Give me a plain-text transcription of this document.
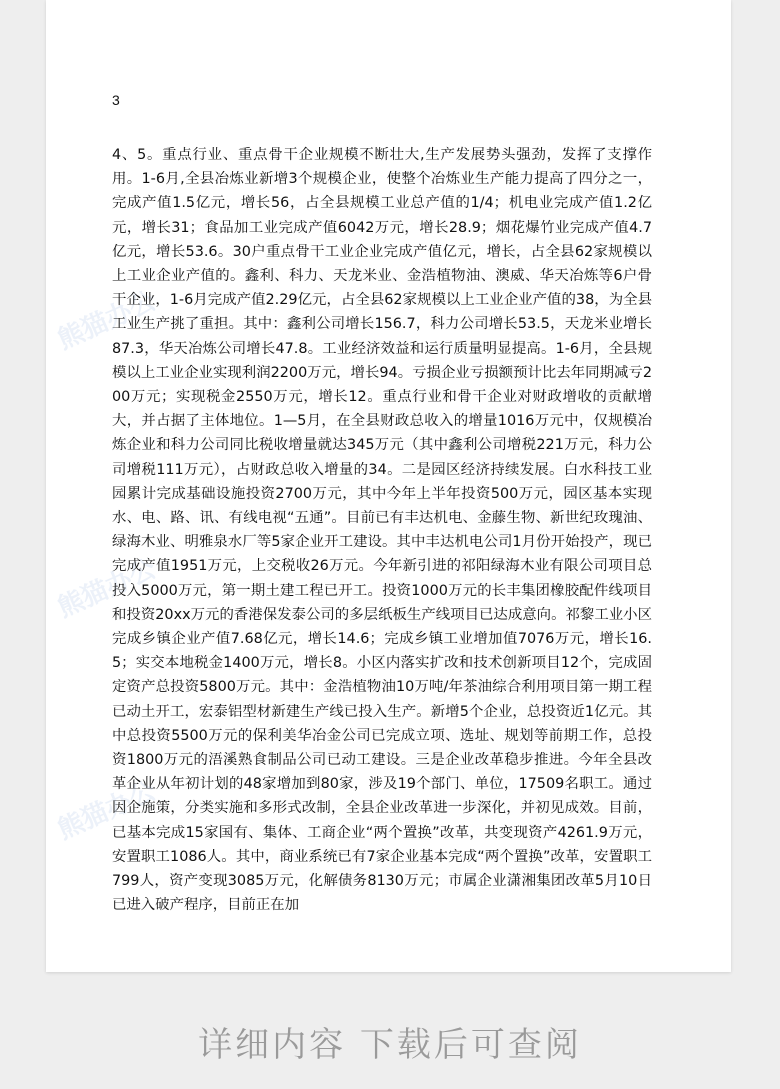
熊猫办公
熊猫办公
熊猫办公
3

4、5。重点行业、重点骨干企业规模不断壮大,生产发展势头强劲，发挥了支撑作用。1-6月,全县冶炼业新增3个规模企业，使整个冶炼业生产能力提高了四分之一，完成产值1.5亿元，增长56，占全县规模工业总产值的1/4；机电业完成产值1.2亿元，增长31；食品加工业完成产值6042万元，增长28.9；烟花爆竹业完成产值4.7亿元，增长53.6。30户重点骨干工业企业完成产值亿元，增长，占全县62家规模以上工业企业产值的。鑫利、科力、天龙米业、金浩植物油、澳威、华天冶炼等6户骨干企业，1-6月完成产值2.29亿元，占全县62家规模以上工业企业产值的38，为全县工业生产挑了重担。其中：鑫利公司增长156.7，科力公司增长53.5，天龙米业增长87.3，华天冶炼公司增长47.8。工业经济效益和运行质量明显提高。1-6月，全县规模以上工业企业实现利润2200万元，增长94。亏损企业亏损额预计比去年同期减亏200万元；实现税金2550万元，增长12。重点行业和骨干企业对财政增收的贡献增大，并占据了主体地位。1—5月，在全县财政总收入的增量1016万元中，仅规模冶炼企业和科力公司同比税收增量就达345万元（其中鑫利公司增税221万元，科力公司增税111万元），占财政总收入增量的34。二是园区经济持续发展。白水科技工业园累计完成基础设施投资2700万元，其中今年上半年投资500万元，园区基本实现水、电、路、讯、有线电视“五通”。目前已有丰达机电、金藤生物、新世纪玫瑰油、绿海木业、明雅泉水厂等5家企业开工建设。其中丰达机电公司1月份开始投产，现已完成产值1951万元，上交税收26万元。今年新引进的祁阳绿海木业有限公司项目总投入5000万元，第一期土建工程已开工。投资1000万元的长丰集团橡胶配件线项目和投资20xx万元的香港保发泰公司的多层纸板生产线项目已达成意向。祁黎工业小区完成乡镇企业产值7.68亿元，增长14.6；完成乡镇工业增加值7076万元，增长16.5；实交本地税金1400万元，增长8。小区内落实扩改和技术创新项目12个，完成固定资产总投资5800万元。其中：金浩植物油10万吨/年茶油综合利用项目第一期工程已动土开工，宏泰铝型材新建生产线已投入生产。新增5个企业，总投资近1亿元。其中总投资5500万元的保利美华冶金公司已完成立项、选址、规划等前期工作，总投资1800万元的浯溪熟食制品公司已动工建设。三是企业改革稳步推进。今年全县改革企业从年初计划的48家增加到80家，涉及19个部门、单位，17509名职工。通过因企施策，分类实施和多形式改制，全县企业改革进一步深化，并初见成效。目前，已基本完成15家国有、集体、工商企业“两个置换”改革，共变现资产4261.9万元，安置职工1086人。其中，商业系统已有7家企业基本完成“两个置换”改革，安置职工799人，资产变现3085万元，化解债务8130万元；市属企业潇湘集团改革5月10日已进入破产程序，目前正在加

详细内容 下载后可查阅
